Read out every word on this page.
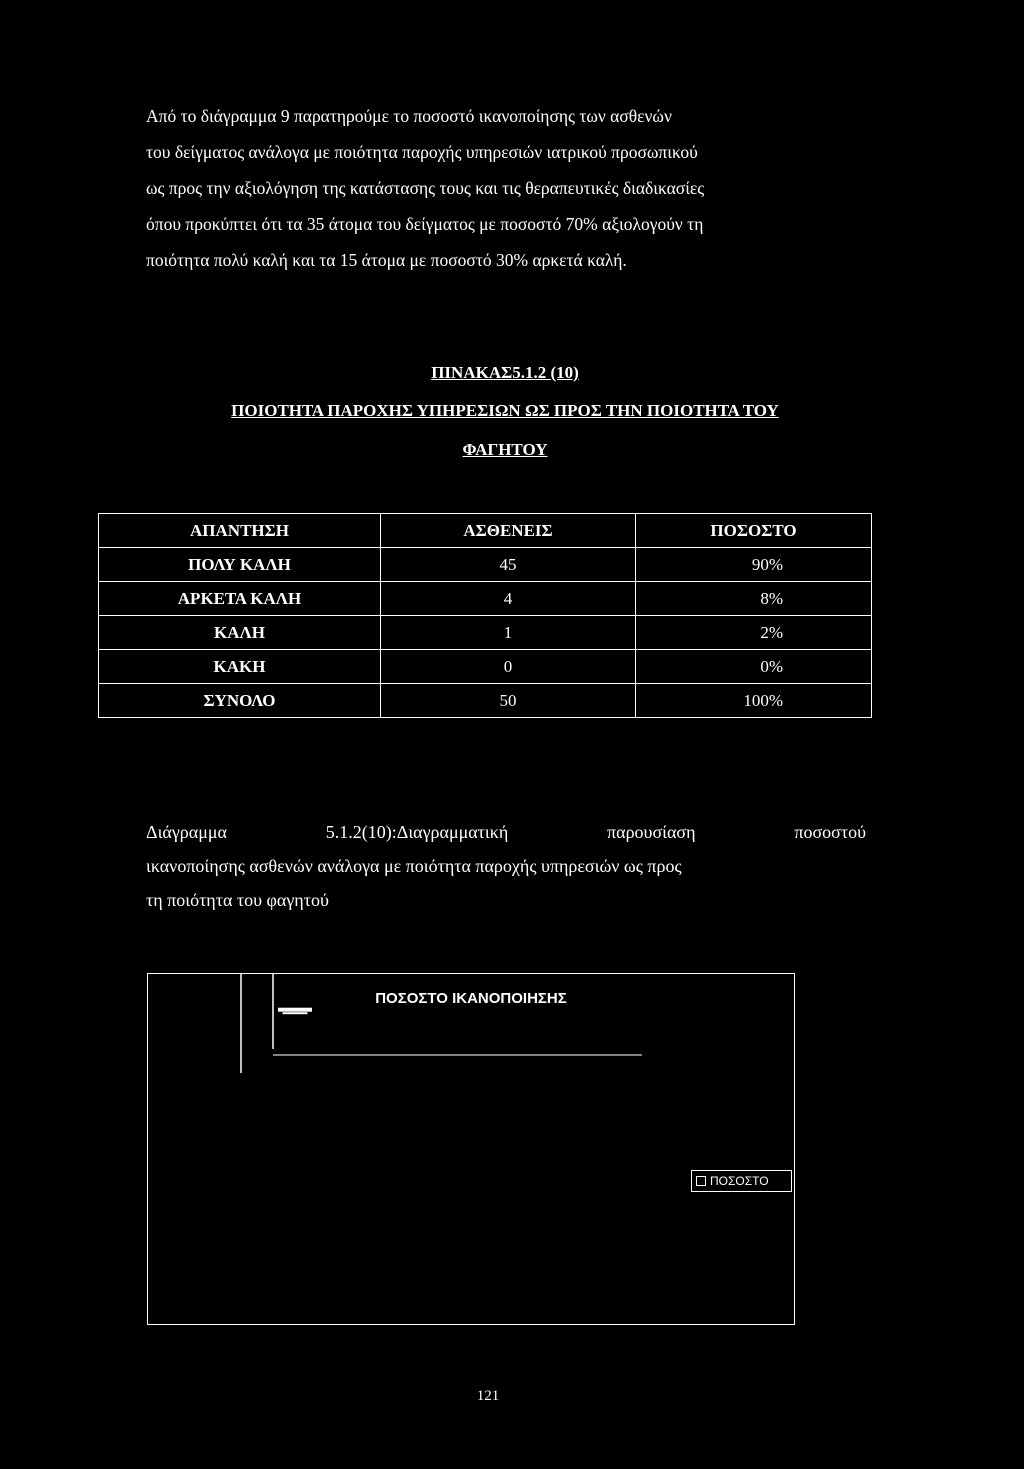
Από το διάγραμμα 9 παρατηρούμε το ποσοστό ικανοποίησης των ασθενών
του δείγματος ανάλογα με ποιότητα παροχής υπηρεσιών ιατρικού προσωπικού
ως προς την αξιολόγηση της κατάστασης τους και τις θεραπευτικές διαδικασίες
όπου προκύπτει ότι τα 35 άτομα του δείγματος με ποσοστό 70% αξιολογούν τη
ποιότητα πολύ καλή και τα 15 άτομα με ποσοστό 30% αρκετά καλή.

ΠΙΝΑΚΑΣ5.1.2 (10)

ΠΟΙΟΤΗΤΑ ΠΑΡΟΧΗΣ ΥΠΗΡΕΣΙΩΝ ΩΣ ΠΡΟΣ ΤΗΝ ΠΟΙΟΤΗΤΑ ΤΟΥ

ΦΑΓΗΤΟΥ

ΑΠΑΝΤΗΣΗ	ΑΣΘΕΝΕΙΣ	ΠΟΣΟΣΤΟ
ΠΟΛΥ ΚΑΛΗ	45	90%
ΑΡΚΕΤΑ ΚΑΛΗ	4	8%
ΚΑΛΗ	1	2%
ΚΑΚΗ	0	0%
ΣΥΝΟΛΟ	50	100%
Διάγραμμα	5.1.2(10):Διαγραμματική	παρουσίαση	ποσοστού
ικανοποίησης ασθενών ανάλογα με ποιότητα παροχής υπηρεσιών ως προς
τη ποιότητα του φαγητού
ΠΟΣΟΣΤΟ ΙΚΑΝΟΠΟΙΗΣΗΣ
ΠΟΣΟΣΤΟ
121
